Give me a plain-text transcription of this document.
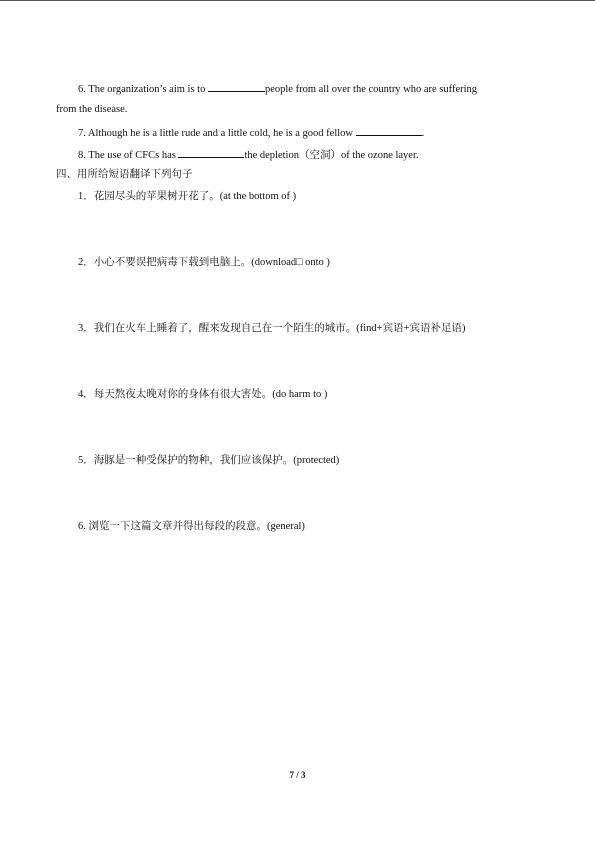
6. The organization’s aim is to	people from all over the country who are suffering
from the disease.
7. Although he is a little rude and a little cold, he is a good fellow	.
8. The use of CFCs has	the depletion（空洞）of the ozone layer.
四、用所给短语翻译下列句子
1．花园尽头的苹果树开花了。(at the bottom of )
2．小心不要误把病毒下载到电脑上。(download□ onto )
3．我们在火车上睡着了，醒来发现自己在一个陌生的城市。(find+宾语+宾语补足语)
4．每天熬夜太晚对你的身体有很大害处。(do harm to )
5．海豚是一种受保护的物种，我们应该保护。(protected)
6. 浏览一下这篇文章并得出每段的段意。(general)
7 / 3
